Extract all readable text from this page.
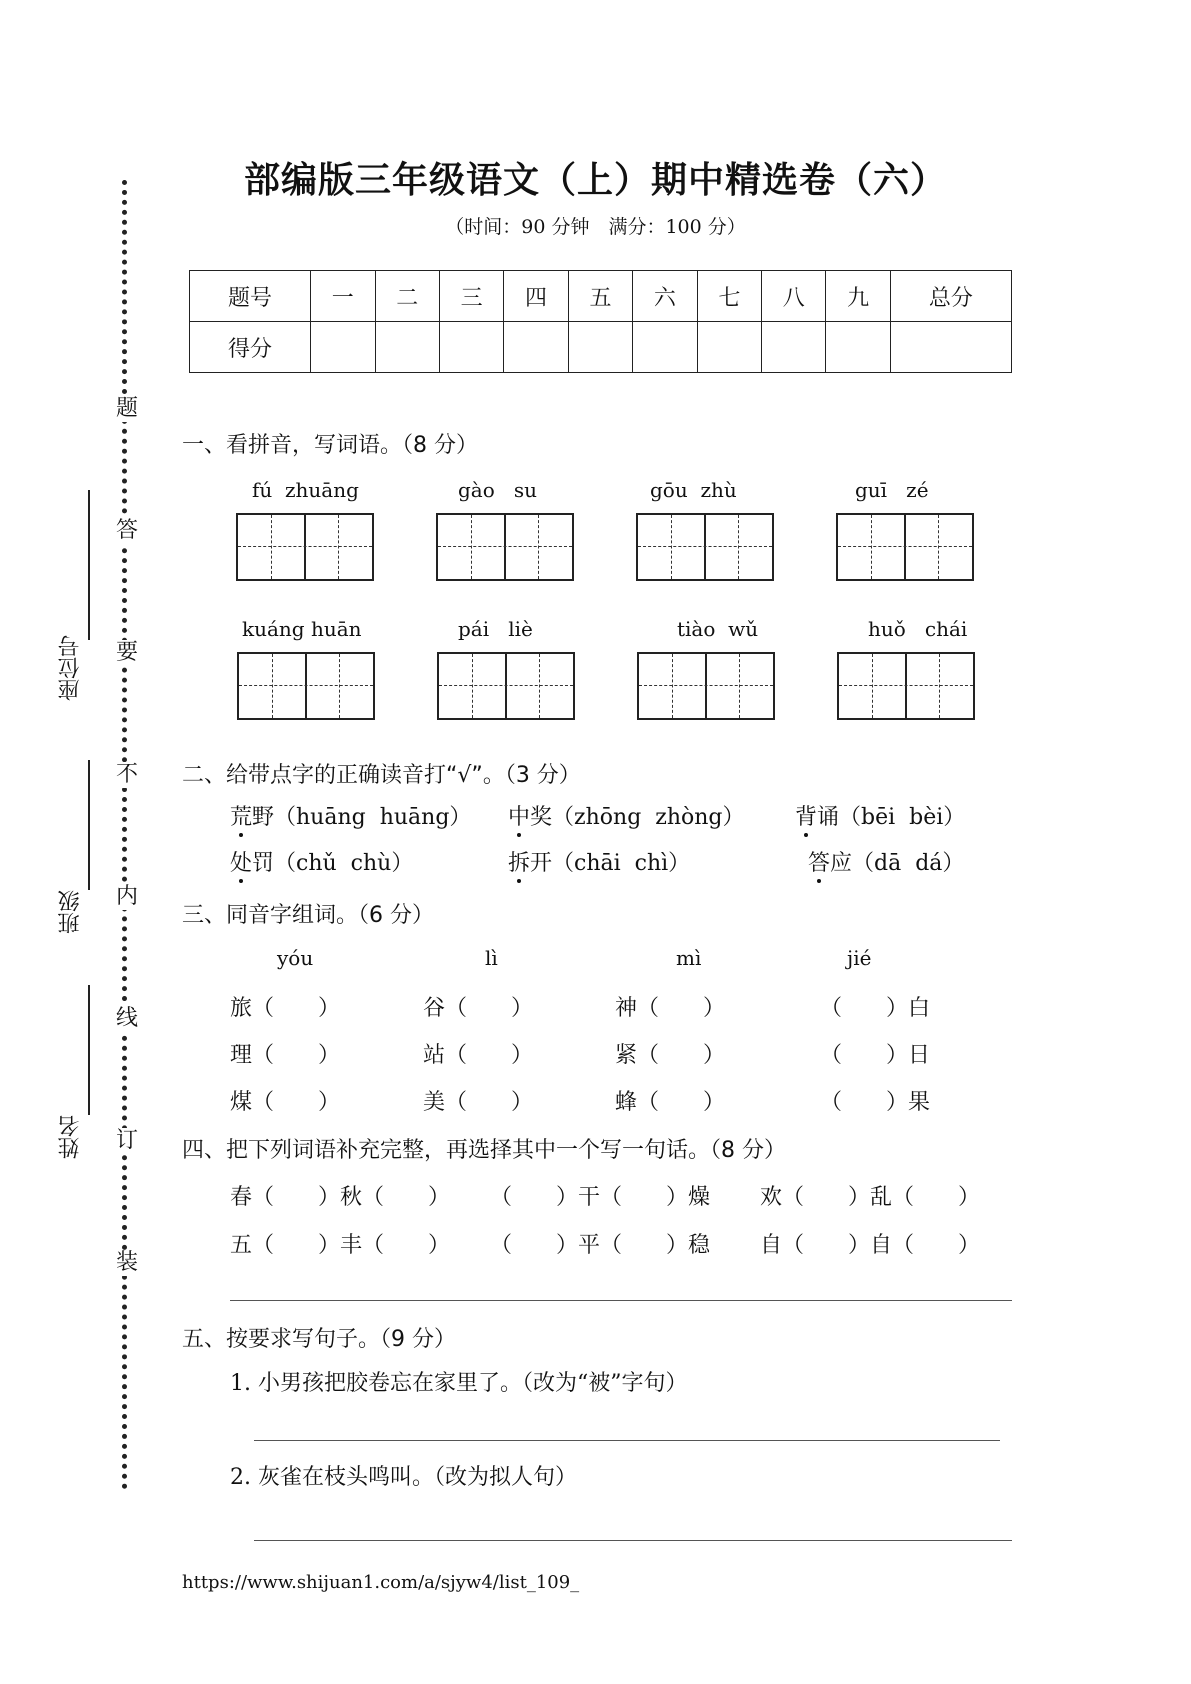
题
答
要
不
内
线
订
装
座位号
班级
姓名
部编版三年级语文（上）期中精选卷（六）
（时间：90 分钟　满分：100 分）
题号	一	二	三	四	五	六	七	八	九	总分
得分										
一、看拼音，写词语。（8 分）
fú  zhuāng	gào   su	gōu  zhù	guī   zé
kuáng huān	pái   liè	tiào  wǔ	huǒ   chái
二、给带点字的正确读音打“√”。（3 分）
荒野（huāng  huāng） 中奖（zhōng  zhòng） 背诵（bēi  bèi）
处罚（chǔ  chù）	拆开（chāi  chì）	答应（dā  dá）
三、同音字组词。（6 分）
yóu	lì	mì	jié
旅（　　）	谷（　　）	神（　　）	（　　）白
理（　　）	站（　　）	紧（　　）	（　　）日
煤（　　）	美（　　）	蜂（　　）	（　　）果
四、把下列词语补充完整，再选择其中一个写一句话。（8 分）
春（　　）秋（　　） （　　）干（　　）燥 欢（　　）乱（　　）
五（　　）丰（　　） （　　）平（　　）稳 自（　　）自（　　）
五、按要求写句子。（9 分）
1. 小男孩把胶卷忘在家里了。（改为“被”字句）
2. 灰雀在枝头鸣叫。（改为拟人句）
https://www.shijuan1.com/a/sjyw4/list_109_
